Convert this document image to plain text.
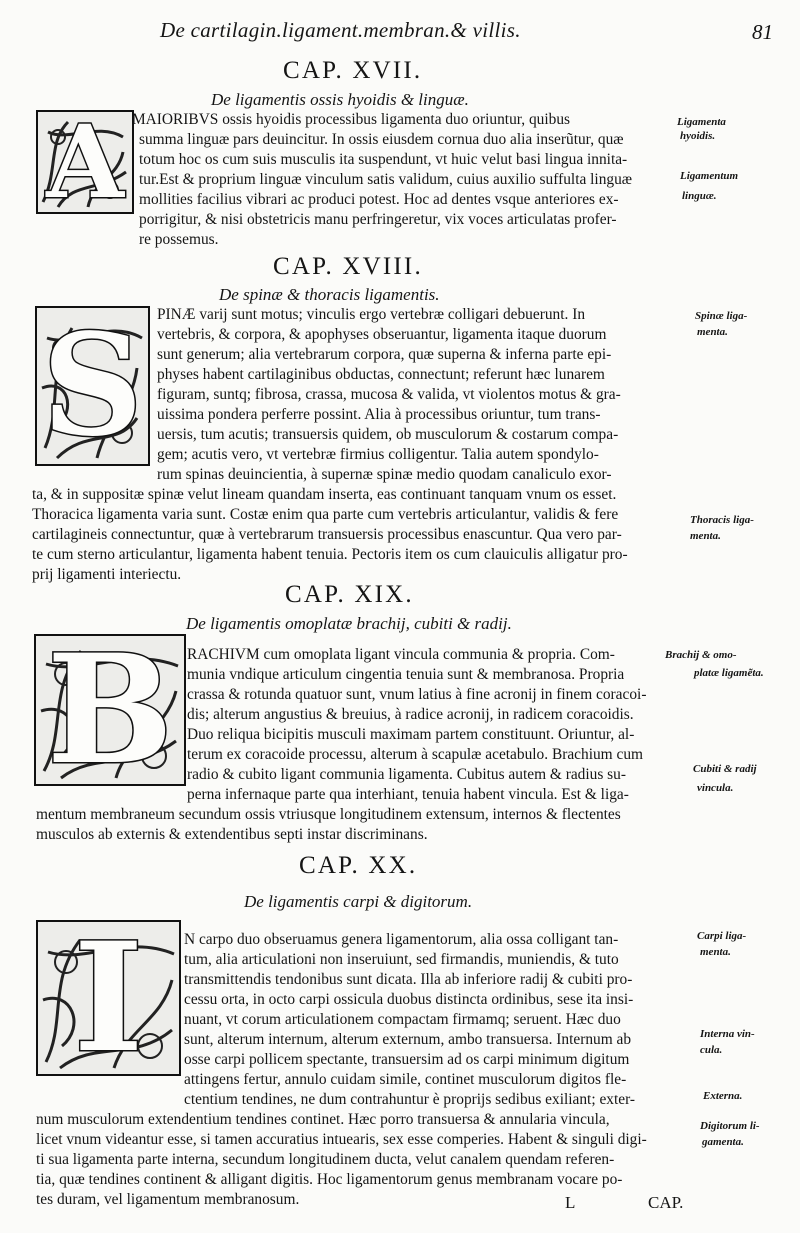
De cartilagin.ligament.membran.& villis.	81
CAP. XVII.
De ligamentis ossis hyoidis & linguæ.
A MAIORIBVS ossis hyoidis processibus ligamenta duo oriuntur, quibus
summa linguæ pars deuincitur. In ossis eiusdem cornua duo alia inserũtur, quæ
totum hoc os cum suis musculis ita suspendunt, vt huic velut basi lingua innita-
tur.Est & proprium linguæ vinculum satis validum, cuius auxilio suffulta linguæ
mollities facilius vibrari ac produci potest. Hoc ad dentes vsque anteriores ex-
porrigitur, & nisi obstetricis manu perfringeretur, vix voces articulatas profer-
re possemus.
Ligamenta
hyoidis.
Ligamentum
linguæ.
CAP. XVIII.
De spinæ & thoracis ligamentis.
S PINÆ varij sunt motus; vinculis ergo vertebræ colligari debuerunt. In
vertebris, & corpora, & apophyses obseruantur, ligamenta itaque duorum
sunt generum; alia vertebrarum corpora, quæ superna & inferna parte epi-
physes habent cartilaginibus obductas, connectunt; referunt hæc lunarem
figuram, suntq; fibrosa, crassa, mucosa & valida, vt violentos motus & gra-
uissima pondera perferre possint. Alia à processibus oriuntur, tum trans-
uersis, tum acutis; transuersis quidem, ob musculorum & costarum compa-
gem; acutis vero, vt vertebræ firmius colligentur. Talia autem spondylo-
rum spinas deuincientia, à supernæ spinæ medio quodam canaliculo exor-
ta, & in suppositæ spinæ velut lineam quandam inserta, eas continuant tanquam vnum os esset.
Thoracica ligamenta varia sunt. Costæ enim qua parte cum vertebris articulantur, validis & fere
cartilagineis connectuntur, quæ à vertebrarum transuersis processibus enascuntur. Qua vero par-
te cum sterno articulantur, ligamenta habent tenuia. Pectoris item os cum clauiculis alligatur pro-
prij ligamenti interiectu.
Spinæ liga-
menta.
Thoracis liga-
menta.
CAP. XIX.
De ligamentis omoplatæ brachij, cubiti & radij.
B RACHIVM cum omoplata ligant vincula communia & propria. Com-
munia vndique articulum cingentia tenuia sunt & membranosa. Propria
crassa & rotunda quatuor sunt, vnum latius à fine acronij in finem coracoi-
dis; alterum angustius & breuius, à radice acronij, in radicem coracoidis.
Duo reliqua bicipitis musculi maximam partem constituunt. Oriuntur, al-
terum ex coracoide processu, alterum à scapulæ acetabulo. Brachium cum
radio & cubito ligant communia ligamenta. Cubitus autem & radius su-
perna infernaque parte qua interhiant, tenuia habent vincula. Est & liga-
mentum membraneum secundum ossis vtriusque longitudinem extensum, internos & flectentes
musculos ab externis & extendentibus septi instar discriminans.
Brachij & omo-
platæ ligamẽta.
Cubiti & radij
vincula.
CAP. XX.
De ligamentis carpi & digitorum.
I	N carpo duo obseruamus genera ligamentorum, alia ossa colligant tan-
tum, alia articulationi non inseruiunt, sed firmandis, muniendis, & tuto
transmittendis tendonibus sunt dicata. Illa ab inferiore radij & cubiti pro-
cessu orta, in octo carpi ossicula duobus distincta ordinibus, sese ita insi-
nuant, vt corum articulationem compactam firmamq; seruent. Hæc duo
sunt, alterum internum, alterum externum, ambo transuersa. Internum ab
osse carpi pollicem spectante, transuersim ad os carpi minimum digitum
attingens fertur, annulo cuidam simile, continet musculorum digitos fle-
ctentium tendines, ne dum contrahuntur è proprijs sedibus exiliant; exter-
num musculorum extendentium tendines continet. Hæc porro transuersa & annularia vincula,
licet vnum videantur esse, si tamen accuratius intuearis, sex esse comperies. Habent & singuli digi-
ti sua ligamenta parte interna, secundum longitudinem ducta, velut canalem quendam referen-
tia, quæ tendines continent & alligant digitis. Hoc ligamentorum genus membranam vocare po-
tes duram, vel ligamentum membranosum.
Carpi liga-
menta.
Interna vin-
cula.
Externa.
Digitorum li-
gamenta.
L	CAP.
